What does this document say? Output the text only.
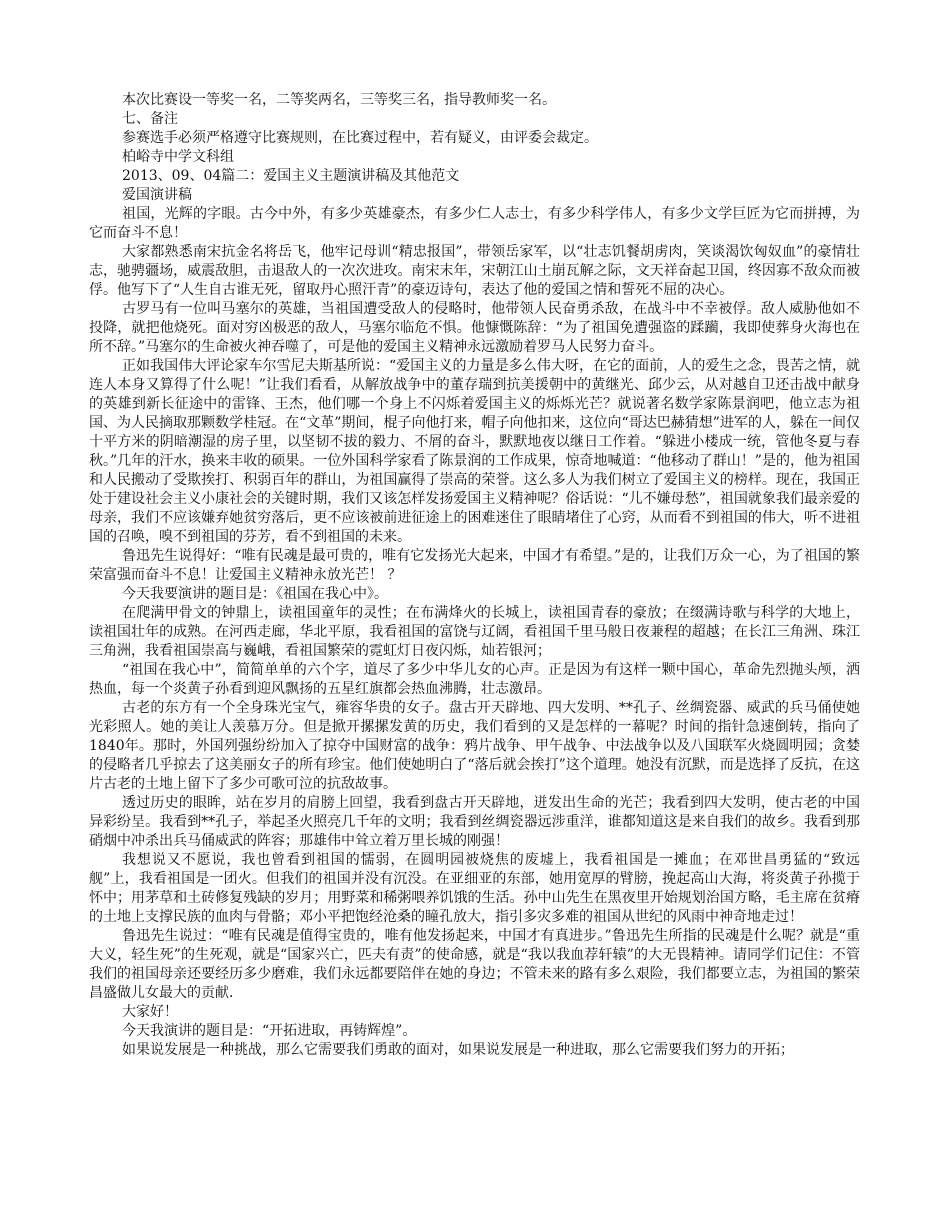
本次比赛设一等奖一名，二等奖两名，三等奖三名，指导教师奖一名。

七、备注

参赛选手必须严格遵守比赛规则，在比赛过程中，若有疑义，由评委会裁定。

柏峪寺中学文科组

2013、09、04篇二：爱国主义主题演讲稿及其他范文

爱国演讲稿

祖国，光辉的字眼。古今中外，有多少英雄豪杰，有多少仁人志士，有多少科学伟人，有多少文学巨匠为它而拼搏，为它而奋斗不息！

大家都熟悉南宋抗金名将岳飞，他牢记母训“精忠报国”，带领岳家军，以“壮志饥餐胡虏肉，笑谈渴饮匈奴血”的豪情壮志，驰骋疆场，威震敌胆，击退敌人的一次次进攻。南宋末年，宋朝江山土崩瓦解之际，文天祥奋起卫国，终因寡不敌众而被俘。他写下了“人生自古谁无死，留取丹心照汗青”的豪迈诗句，表达了他的爱国之情和誓死不屈的决心。

古罗马有一位叫马塞尔的英雄，当祖国遭受敌人的侵略时，他带领人民奋勇杀敌，在战斗中不幸被俘。敌人威胁他如不投降，就把他烧死。面对穷凶极恶的敌人，马塞尔临危不惧。他慷慨陈辞：“为了祖国免遭强盗的蹂躏，我即使葬身火海也在所不辞。”马塞尔的生命被火神吞噬了，可是他的爱国主义精神永远激励着罗马人民努力奋斗。

正如我国伟大评论家车尔雪尼夫斯基所说：“爱国主义的力量是多么伟大呀，在它的面前，人的爱生之念，畏苦之情，就连人本身又算得了什么呢！”让我们看看，从解放战争中的董存瑞到抗美援朝中的黄继光、邱少云，从对越自卫还击战中献身的英雄到新长征途中的雷锋、王杰，他们哪一个身上不闪烁着爱国主义的烁烁光芒？就说著名数学家陈景润吧，他立志为祖国、为人民摘取那颗数学桂冠。在“文革”期间，棍子向他打来，帽子向他扣来，这位向“哥达巴赫猜想”进军的人，躲在一间仅十平方米的阴暗潮湿的房子里，以坚韧不拔的毅力、不屑的奋斗，默默地夜以继日工作着。“躲进小楼成一统，管他冬夏与春秋。”几年的汗水，换来丰收的硕果。一位外国科学家看了陈景润的工作成果，惊奇地喊道：“他移动了群山！”是的，他为祖国和人民搬动了受欺挨打、积弱百年的群山，为祖国赢得了崇高的荣誉。这么多人为我们树立了爱国主义的榜样。现在，我国正处于建设社会主义小康社会的关键时期，我们又该怎样发扬爱国主义精神呢？俗话说：“儿不嫌母愁”，祖国就象我们最亲爱的母亲，我们不应该嫌弃她贫穷落后，更不应该被前进征途上的困难迷住了眼睛堵住了心窍，从而看不到祖国的伟大，听不进祖国的召唤，嗅不到祖国的芬芳，看不到祖国的未来。

鲁迅先生说得好：“唯有民魂是最可贵的，唯有它发扬光大起来，中国才有希望。”是的，让我们万众一心，为了祖国的繁荣富强而奋斗不息！让爱国主义精神永放光芒！ ？

今天我要演讲的题目是：《祖国在我心中》。

在爬满甲骨文的钟鼎上，读祖国童年的灵性；在布满烽火的长城上，读祖国青春的豪放；在缀满诗歌与科学的大地上，读祖国壮年的成熟。在河西走廊，华北平原，我看祖国的富饶与辽阔，看祖国千里马般日夜兼程的超越；在长江三角洲、珠江三角洲，我看祖国崇高与巍峨，看祖国繁荣的霓虹灯日夜闪烁，灿若银河；

“祖国在我心中”，简简单单的六个字，道尽了多少中华儿女的心声。正是因为有这样一颗中国心，革命先烈抛头颅，洒热血，每一个炎黄子孙看到迎风飘扬的五星红旗都会热血沸腾，壮志激昂。

古老的东方有一个全身珠光宝气，雍容华贵的女子。盘古开天辟地、四大发明、**孔子、丝绸瓷器、威武的兵马俑使她光彩照人。她的美让人羡慕万分。但是掀开摞摞发黄的历史，我们看到的又是怎样的一幕呢？时间的指针急速倒转，指向了1840年。那时，外国列强纷纷加入了掠夺中国财富的战争：鸦片战争、甲午战争、中法战争以及八国联军火烧圆明园；贪婪的侵略者几乎掠去了这美丽女子的所有珍宝。他们使她明白了“落后就会挨打”这个道理。她没有沉默，而是选择了反抗，在这片古老的土地上留下了多少可歌可泣的抗敌故事。

透过历史的眼眸，站在岁月的肩膀上回望，我看到盘古开天辟地，迸发出生命的光芒；我看到四大发明，使古老的中国异彩纷呈。我看到**孔子，举起圣火照亮几千年的文明；我看到丝绸瓷器远涉重洋，谁都知道这是来自我们的故乡。我看到那硝烟中冲杀出兵马俑威武的阵容；那雄伟中耸立着万里长城的刚强！

我想说又不愿说，我也曾看到祖国的懦弱，在圆明园被烧焦的废墟上，我看祖国是一摊血；在邓世昌勇猛的“致远舰”上，我看祖国是一团火。但我们的祖国并没有沉没。在亚细亚的东部，她用宽厚的臂膀，挽起高山大海，将炎黄子孙揽于怀中；用茅草和土砖修复残缺的岁月；用野菜和稀粥喂养饥饿的生活。孙中山先生在黑夜里开始规划治国方略，毛主席在贫瘠的土地上支撑民族的血肉与骨骼；邓小平把饱经沧桑的瞳孔放大，指引多灾多难的祖国从世纪的风雨中神奇地走过！

鲁迅先生说过：“唯有民魂是值得宝贵的，唯有他发扬起来，中国才有真进步。”鲁迅先生所指的民魂是什么呢？就是“重大义，轻生死”的生死观，就是“国家兴亡，匹夫有责”的使命感，就是“我以我血荐轩辕”的大无畏精神。请同学们记住：不管我们的祖国母亲还要经历多少磨难，我们永远都要陪伴在她的身边；不管未来的路有多么艰险，我们都要立志，为祖国的繁荣昌盛做儿女最大的贡献．

大家好！

今天我演讲的题目是：“开拓进取，再铸辉煌”。

如果说发展是一种挑战，那么它需要我们勇敢的面对，如果说发展是一种进取，那么它需要我们努力的开拓；
